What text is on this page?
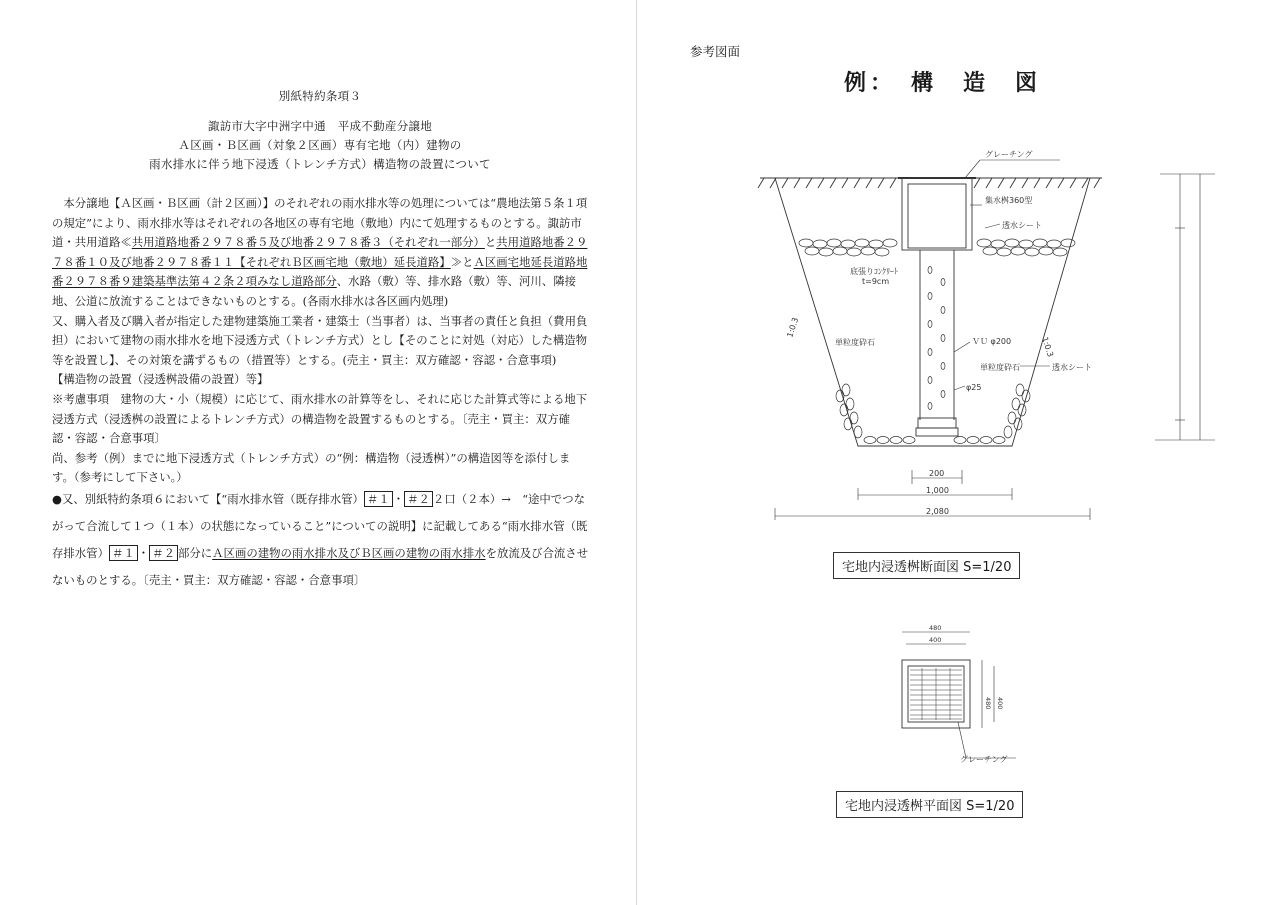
別紙特約条項３
諏訪市大字中洲字中通　平成不動産分譲地
Ａ区画・Ｂ区画（対象２区画）専有宅地（内）建物の
雨水排水に伴う地下浸透（トレンチ方式）構造物の設置について

　本分譲地【Ａ区画・Ｂ区画（計２区画）】のそれぞれの雨水排水等の処理については“農地法第５条１項の規定”により、雨水排水等はそれぞれの各地区の専有宅地（敷地）内にて処理するものとする。諏訪市道・共用道路≪共用道路地番２９７８番５及び地番２９７８番３（それぞれ一部分）と共用道路地番２９７８番１０及び地番２９７８番１１【それぞれＢ区画宅地（敷地）延長道路】≫とＡ区画宅地延長道路地番２９７８番９建築基準法第４２条２項みなし道路部分、水路（敷）等、排水路（敷）等、河川、隣接地、公道に放流することはできないものとする。(各雨水排水は各区画内処理)

又、購入者及び購入者が指定した建物建築施工業者・建築士（当事者）は、当事者の責任と負担（費用負担）において建物の雨水排水を地下浸透方式（トレンチ方式）とし【そのことに対処（対応）した構造物等を設置し】、その対策を講ずるもの（措置等）とする。(売主・買主：双方確認・容認・合意事項)

【構造物の設置（浸透桝設備の設置）等】

※考慮事項　建物の大・小（規模）に応じて、雨水排水の計算等をし、それに応じた計算式等による地下浸透方式（浸透桝の設置によるトレンチ方式）の構造物を設置するものとする。〔売主・買主：双方確認・容認・合意事項〕

尚、参考（例）までに地下浸透方式（トレンチ方式）の“例：構造物（浸透桝）”の構造図等を添付します。（参考にして下さい。）

●又、別紙特約条項６において【“雨水排水管（既存排水管） ＃１ ・ ＃２ ２口（２本）→　“途中でつながって合流して１つ（１本）の状態になっていること”についての説明】に記載してある“雨水排水管（既存排水管） ＃１ ・ ＃２ 部分にＡ区画の建物の雨水排水及びＢ区画の建物の雨水排水を放流及び合流させないものとする。〔売主・買主：双方確認・容認・合意事項〕

参考図面
例：　構　造　図
グレーチング
集水桝360型
透水シート
底張りｺﾝｸﾘｰﾄ
t=9cm
単粒度砕石	ＶＵ φ200
単粒度砕石	透水シート
φ25
1:0.3
1:0.3
200
1,000
2,080
480
400
480 400
グレーチング
宅地内浸透桝断面図 S=1/20
宅地内浸透桝平面図 S=1/20
